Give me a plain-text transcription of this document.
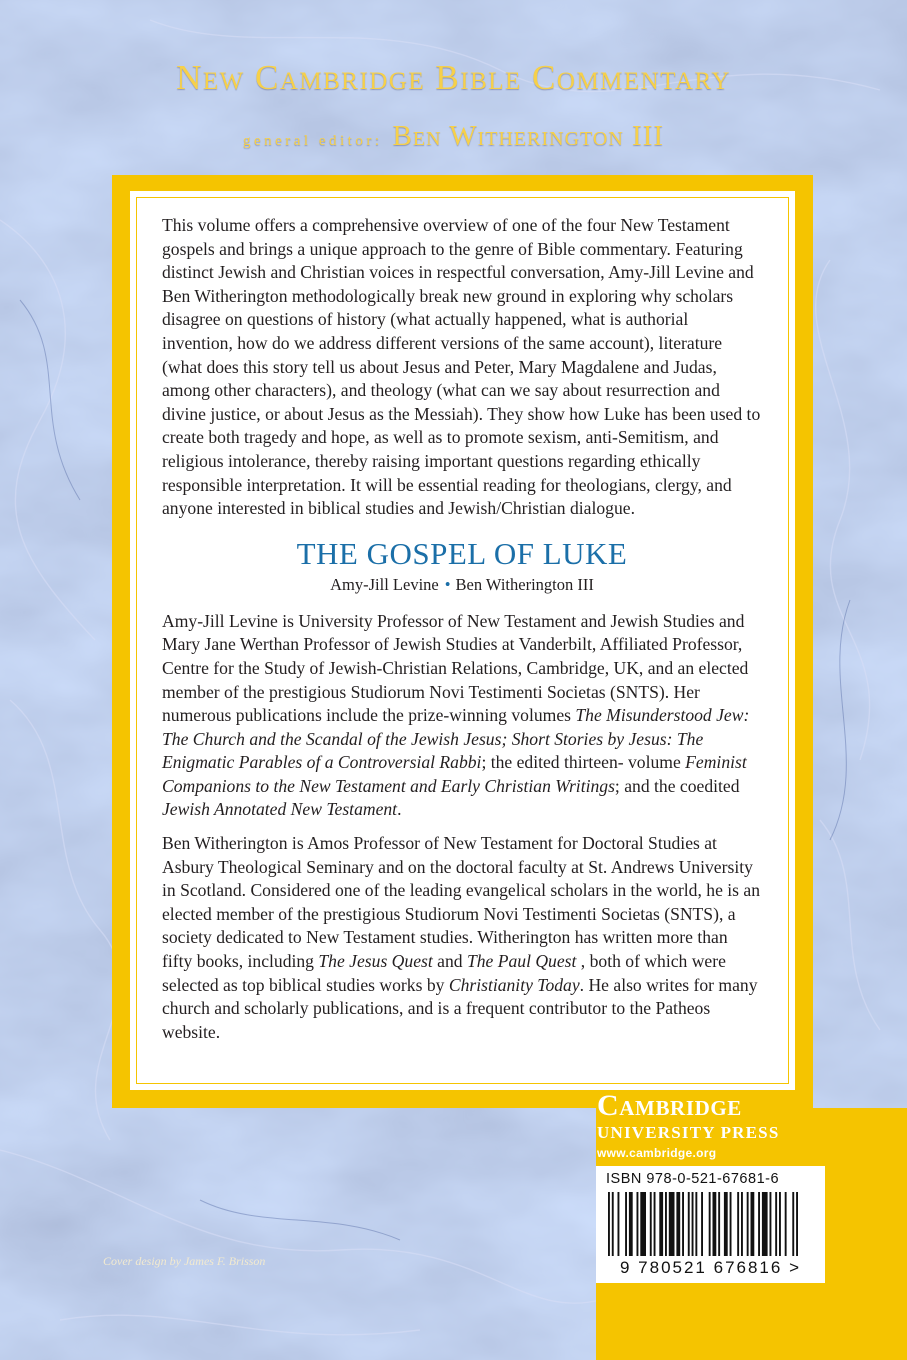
New Cambridge Bible Commentary
general editor: Ben Witherington III

This volume offers a comprehensive overview of one of the four New Testament gospels and brings a unique approach to the genre of Bible commentary. Featuring distinct Jewish and Christian voices in respectful conversation, Amy-Jill Levine and Ben Witherington methodologically break new ground in exploring why scholars disagree on questions of history (what actually happened, what is authorial invention, how do we address different versions of the same account), literature (what does this story tell us about Jesus and Peter, Mary Magdalene and Judas, among other characters), and theology (what can we say about resurrection and divine justice, or about Jesus as the Messiah). They show how Luke has been used to create both tragedy and hope, as well as to promote sexism, anti-Semitism, and religious intolerance, thereby raising important questions regarding ethically responsible interpretation. It will be essential reading for theologians, clergy, and anyone interested in biblical studies and Jewish/Christian dialogue.

THE GOSPEL OF LUKE

Amy-Jill Levine • Ben Witherington III

Amy-Jill Levine is University Professor of New Testament and Jewish Studies and Mary Jane Werthan Professor of Jewish Studies at Vanderbilt, Affiliated Professor, Centre for the Study of Jewish-Christian Relations, Cambridge, UK, and an elected member of the prestigious Studiorum Novi Testimenti Societas (SNTS). Her numerous publications include the prize-winning volumes The Misunderstood Jew: The Church and the Scandal of the Jewish Jesus; Short Stories by Jesus: The Enigmatic Parables of a Controversial Rabbi; the edited thirteen- volume Feminist Companions to the New Testament and Early Christian Writings; and the coedited Jewish Annotated New Testament.

Ben Witherington is Amos Professor of New Testament for Doctoral Studies at Asbury Theological Seminary and on the doctoral faculty at St. Andrews University in Scotland. Considered one of the leading evangelical scholars in the world, he is an elected member of the prestigious Studiorum Novi Testimenti Societas (SNTS), a society dedicated to New Testament studies. Witherington has written more than fifty books, including The Jesus Quest and The Paul Quest , both of which were selected as top biblical studies works by Christianity Today. He also writes for many church and scholarly publications, and is a frequent contributor to the Patheos website.

Cambridge
UNIVERSITY PRESS
www.cambridge.org
ISBN 978-0-521-67681-6
9 780521 676816 >
Cover design by James F. Brisson
